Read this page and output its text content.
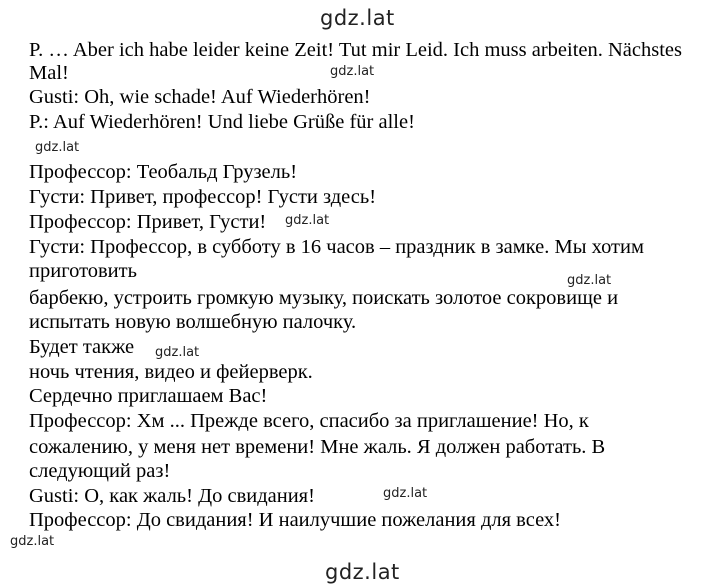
gdz.lat
P. … Aber ich habe leider keine Zeit! Tut mir Leid. Ich muss arbeiten. Nächstes
Mal!	gdz.lat
Gusti: Oh, wie schade! Auf Wiederhören!
P.: Auf Wiederhören! Und liebe Grüße für alle!
gdz.lat
Профессор: Теобальд Грузель!
Густи: Привет, профессор! Густи здесь!
Профессор: Привет, Густи! gdz.lat
Густи: Профессор, в субботу в 16 часов – праздник в замке. Мы хотим
приготовить	gdz.lat
барбекю, устроить громкую музыку, поискать золотое сокровище и
испытать новую волшебную палочку.
Будет также gdz.lat
ночь чтения, видео и фейерверк.
Сердечно приглашаем Вас!
Профессор: Хм ... Прежде всего, спасибо за приглашение! Но, к
сожалению, у меня нет времени! Мне жаль. Я должен работать. В
следующий раз!
Gusti: О, как жаль! До свидания!	gdz.lat
Профессор: До свидания! И наилучшие пожелания для всех!
gdz.lat
gdz.lat
